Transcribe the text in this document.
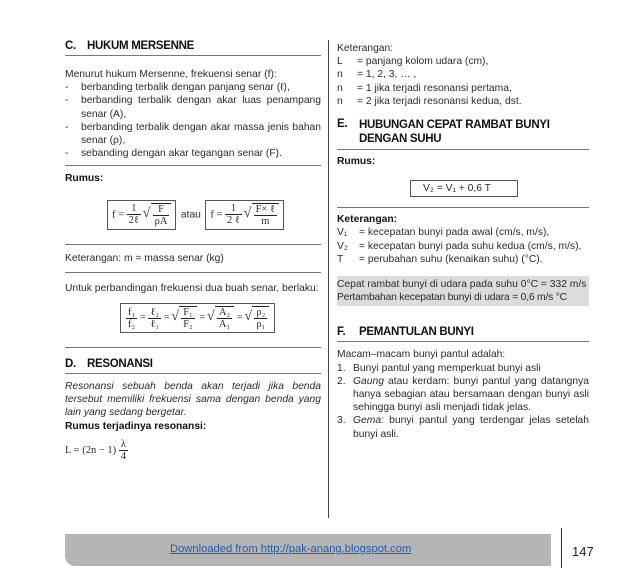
C. HUKUM MERSENNE

Menurut hukum Mersenne, frekuensi senar (f):

- berbanding terbalik dengan panjang senar (ℓ),
- berbanding terbalik dengan akar luas penampang senar (A),
- berbanding terbalik dengan akar massa jenis bahan senar (ρ),
- sebanding dengan akar tegangan senar (F).

Rumus:

$f = \frac{1}{\text{2ℓ}}$
√ $\frac{F}{\rho A}$ atau $f = \frac{1}{\text{2 ℓ}}$
√ $\frac{\text{F× ℓ}}{m}$

Keterangan: m = massa senar (kg)

Untuk perbandingan frekuensi dua buah senar, berlaku:

$\frac{\text{f₁}}{\text{f₂}} = \frac{\text{ℓ₂}}{\text{ℓ₁}}$ = √ $\frac{\text{F₁}}{\text{F₂}}$ = √ $\frac{\text{A₂}}{\text{A₁}}$ = √ $\frac{\text{ρ₂}}{\text{ρ₁}}$
D. RESONANSI

Resonansi sebuah benda akan terjadi jika benda tersebut memiliki frekuensi sama dengan benda yang lain yang sedang bergetar.

Rumus terjadinya resonansi:

$L = (2n - 1) \frac{\lambda}{4}$

Keterangan:

L	= panjang kolom udara (cm),
n	= 1, 2, 3, … ,
n	= 1 jika terjadi resonansi pertama,
n	= 2 jika terjadi resonansi kedua, dst.
E.	HUBUNGAN CEPAT RAMBAT BUNYI DENGAN SUHU

Rumus:

V₂ = V₁ + 0,6 T

Keterangan:

V₁	= kecepatan bunyi pada awal (cm/s, m/s),
V₂	= kecepatan bunyi pada suhu kedua (cm/s, m/s),
T	= perubahan suhu (kenaikan suhu) (°C).

Cepat rambat bunyi di udara pada suhu 0°C = 332 m/s

Pertambahan kecepatan bunyi di udara = 0,6 m/s °C

F. PEMANTULAN BUNYI

Macam–macam bunyi pantul adalah:

1. Bunyi pantul yang memperkuat bunyi asli
2. Gaung atau kerdam: bunyi pantul yang datangnya hanya sebagian atau bersamaan dengan bunyi asli sehingga bunyi asli menjadi tidak jelas.
3. Gema: bunyi pantul yang terdengar jelas setelah bunyi asli.
Downloaded from http://pak-anang.blogspot.com	147
